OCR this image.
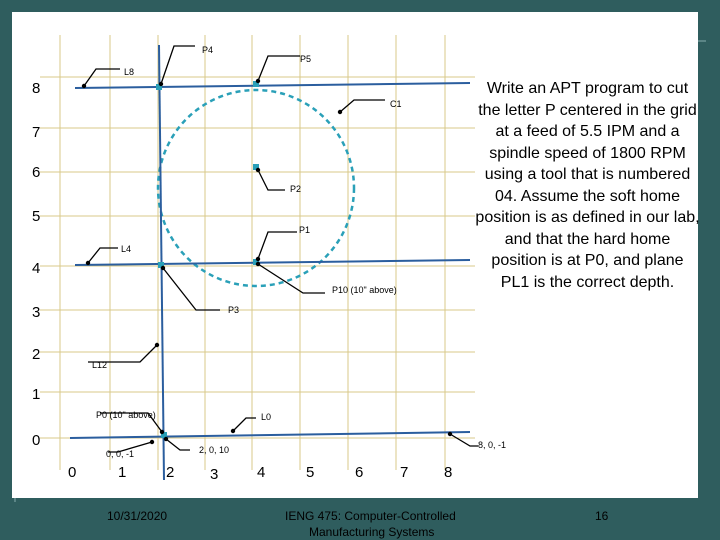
8
7
6
5
4
3
2
1
0
0	1	2 3	4	5	6 7 8
P4
P5
L8
C1
P2
P1
L4
P10 (10" above)
P3
L12
P0 (10" above)	L0
0, 0, -1	2, 0, 10	8, 0, -1
Write an APT program to cut the letter P centered in the grid at a feed of 5.5 IPM and a spindle speed of 1800 RPM using a tool that is numbered 04. Assume the soft home position is as defined in our lab, and that the hard home position is at P0, and plane PL1 is the correct depth.
10/31/2020	IENG 475: Computer-Controlled
Manufacturing Systems
16
